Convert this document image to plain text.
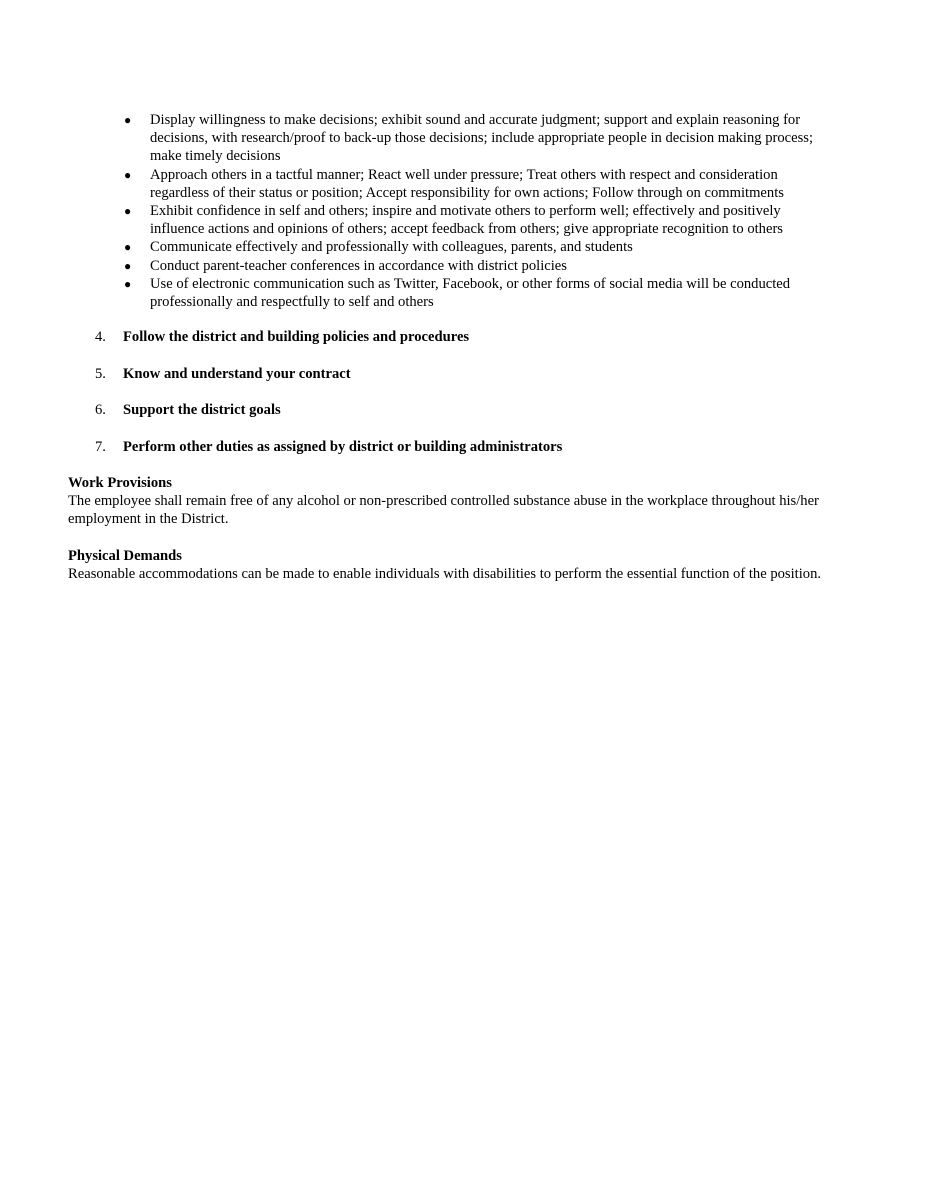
● Display willingness to make decisions; exhibit sound and accurate judgment; support and explain reasoning for decisions, with research/proof to back-up those decisions; include appropriate people in decision making process; make timely decisions
● Approach others in a tactful manner; React well under pressure; Treat others with respect and consideration regardless of their status or position; Accept responsibility for own actions; Follow through on commitments
● Exhibit confidence in self and others; inspire and motivate others to perform well; effectively and positively influence actions and opinions of others; accept feedback from others; give appropriate recognition to others
● Communicate effectively and professionally with colleagues, parents, and students
● Conduct parent-teacher conferences in accordance with district policies
● Use of electronic communication such as Twitter, Facebook, or other forms of social media will be conducted professionally and respectfully to self and others
4. Follow the district and building policies and procedures
5. Know and understand your contract
6. Support the district goals
7. Perform other duties as assigned by district or building administrators
Work Provisions
The employee shall remain free of any alcohol or non-prescribed controlled substance abuse in the workplace throughout his/her employment in the District.
Physical Demands
Reasonable accommodations can be made to enable individuals with disabilities to perform the essential function of the position.
